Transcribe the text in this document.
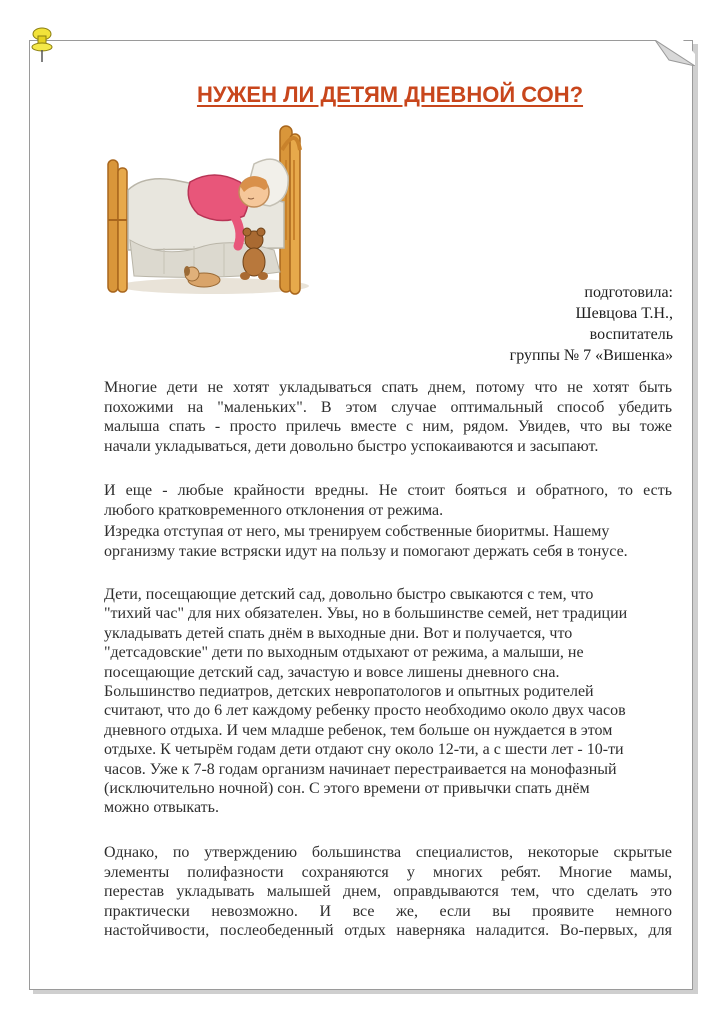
НУЖЕН ЛИ ДЕТЯМ ДНЕВНОЙ СОН?
подготовила:
Шевцова Т.Н.,
воспитатель
группы № 7 «Вишенка»
Многие дети не хотят укладываться спать днем, потому что не хотят быть
похожими на "маленьких". В этом случае оптимальный способ убедить
малыша спать - просто прилечь вместе с ним, рядом. Увидев, что вы тоже
начали укладываться, дети довольно быстро успокаиваются и засыпают.
И еще - любые крайности вредны. Не стоит бояться и обратного, то есть
любого кратковременного отклонения от режима.
Изредка отступая от него, мы тренируем собственные биоритмы. Нашему
организму такие встряски идут на пользу и помогают держать себя в тонусе.
Дети, посещающие детский сад, довольно быстро свыкаются с тем, что
"тихий час" для них обязателен. Увы, но в большинстве семей, нет традиции
укладывать детей спать днём в выходные дни. Вот и получается, что
"детсадовские" дети по выходным отдыхают от режима, а малыши, не
посещающие детский сад, зачастую и вовсе лишены дневного сна.
Большинство педиатров, детских невропатологов и опытных родителей
считают, что до 6 лет каждому ребенку просто необходимо около двух часов
дневного отдыха. И чем младше ребенок, тем больше он нуждается в этом
отдыхе. К четырём годам дети отдают сну около 12-ти, а с шести лет - 10-ти
часов. Уже к 7-8 годам организм начинает перестраивается на монофазный
(исключительно ночной) сон. С этого времени от привычки спать днём
можно отвыкать.
Однако, по утверждению большинства специалистов, некоторые скрытые
элементы полифазности сохраняются у многих ребят. Многие мамы,
перестав укладывать малышей днем, оправдываются тем, что сделать это
практически невозможно. И все же, если вы проявите немного
настойчивости, послеобеденный отдых наверняка наладится. Во-первых, для
